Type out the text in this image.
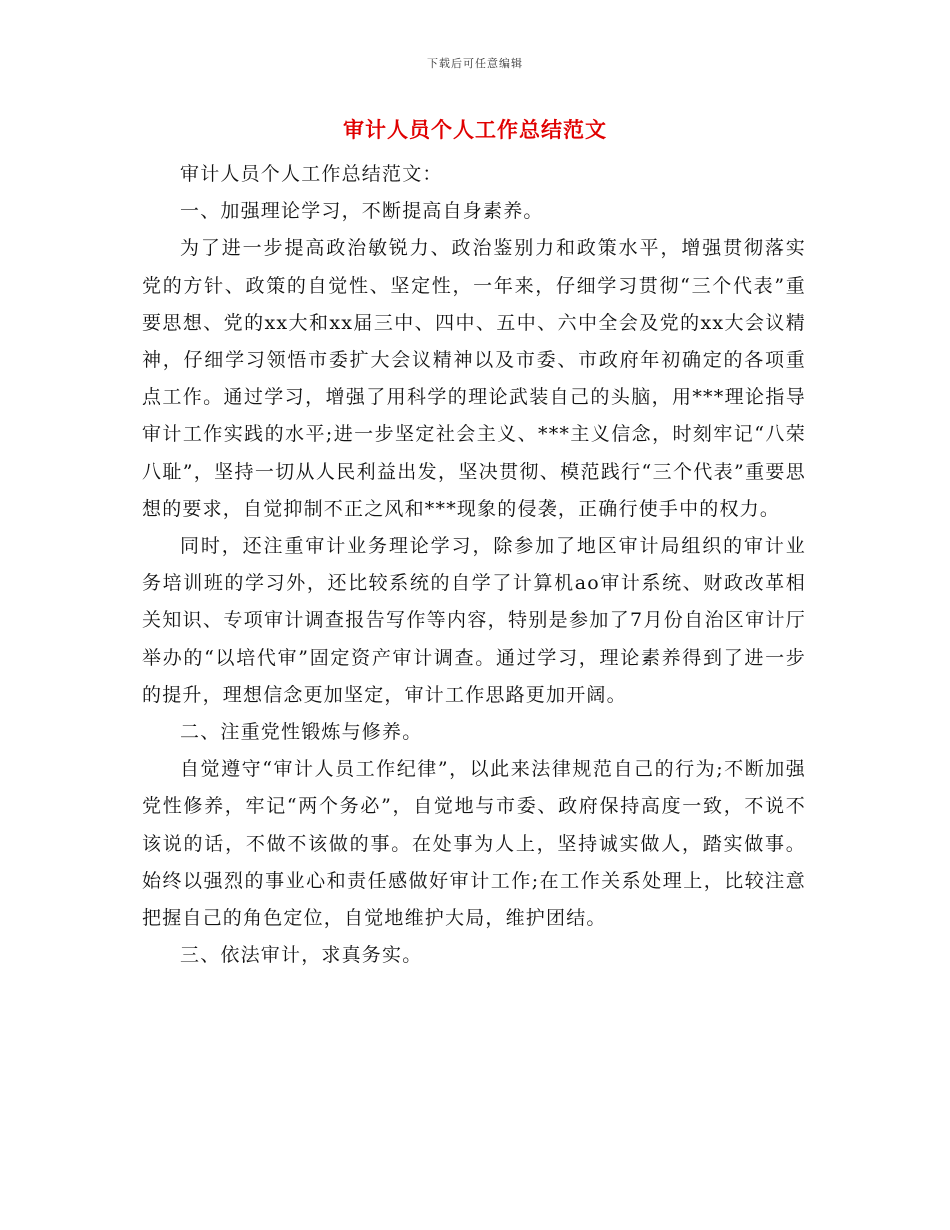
下载后可任意编辑
审计人员个人工作总结范文

审计人员个人工作总结范文：

一、加强理论学习，不断提高自身素养。

为了进一步提高政治敏锐力、政治鉴别力和政策水平，增强贯彻落实党的方针、政策的自觉性、坚定性，一年来，仔细学习贯彻“三个代表”重要思想、党的xx大和xx届三中、四中、五中、六中全会及党的xx大会议精神，仔细学习领悟市委扩大会议精神以及市委、市政府年初确定的各项重点工作。通过学习，增强了用科学的理论武装自己的头脑，用***理论指导审计工作实践的水平;进一步坚定社会主义、***主义信念，时刻牢记“八荣八耻”，坚持一切从人民利益出发，坚决贯彻、模范践行“三个代表”重要思想的要求，自觉抑制不正之风和***现象的侵袭，正确行使手中的权力。

同时，还注重审计业务理论学习，除参加了地区审计局组织的审计业务培训班的学习外，还比较系统的自学了计算机ao审计系统、财政改革相关知识、专项审计调查报告写作等内容，特别是参加了7月份自治区审计厅举办的“以培代审”固定资产审计调查。通过学习，理论素养得到了进一步的提升，理想信念更加坚定，审计工作思路更加开阔。

二、注重党性锻炼与修养。

自觉遵守“审计人员工作纪律”，以此来法律规范自己的行为;不断加强党性修养，牢记“两个务必”，自觉地与市委、政府保持高度一致，不说不该说的话，不做不该做的事。在处事为人上，坚持诚实做人，踏实做事。始终以强烈的事业心和责任感做好审计工作;在工作关系处理上，比较注意把握自己的角色定位，自觉地维护大局，维护团结。

三、依法审计，求真务实。
